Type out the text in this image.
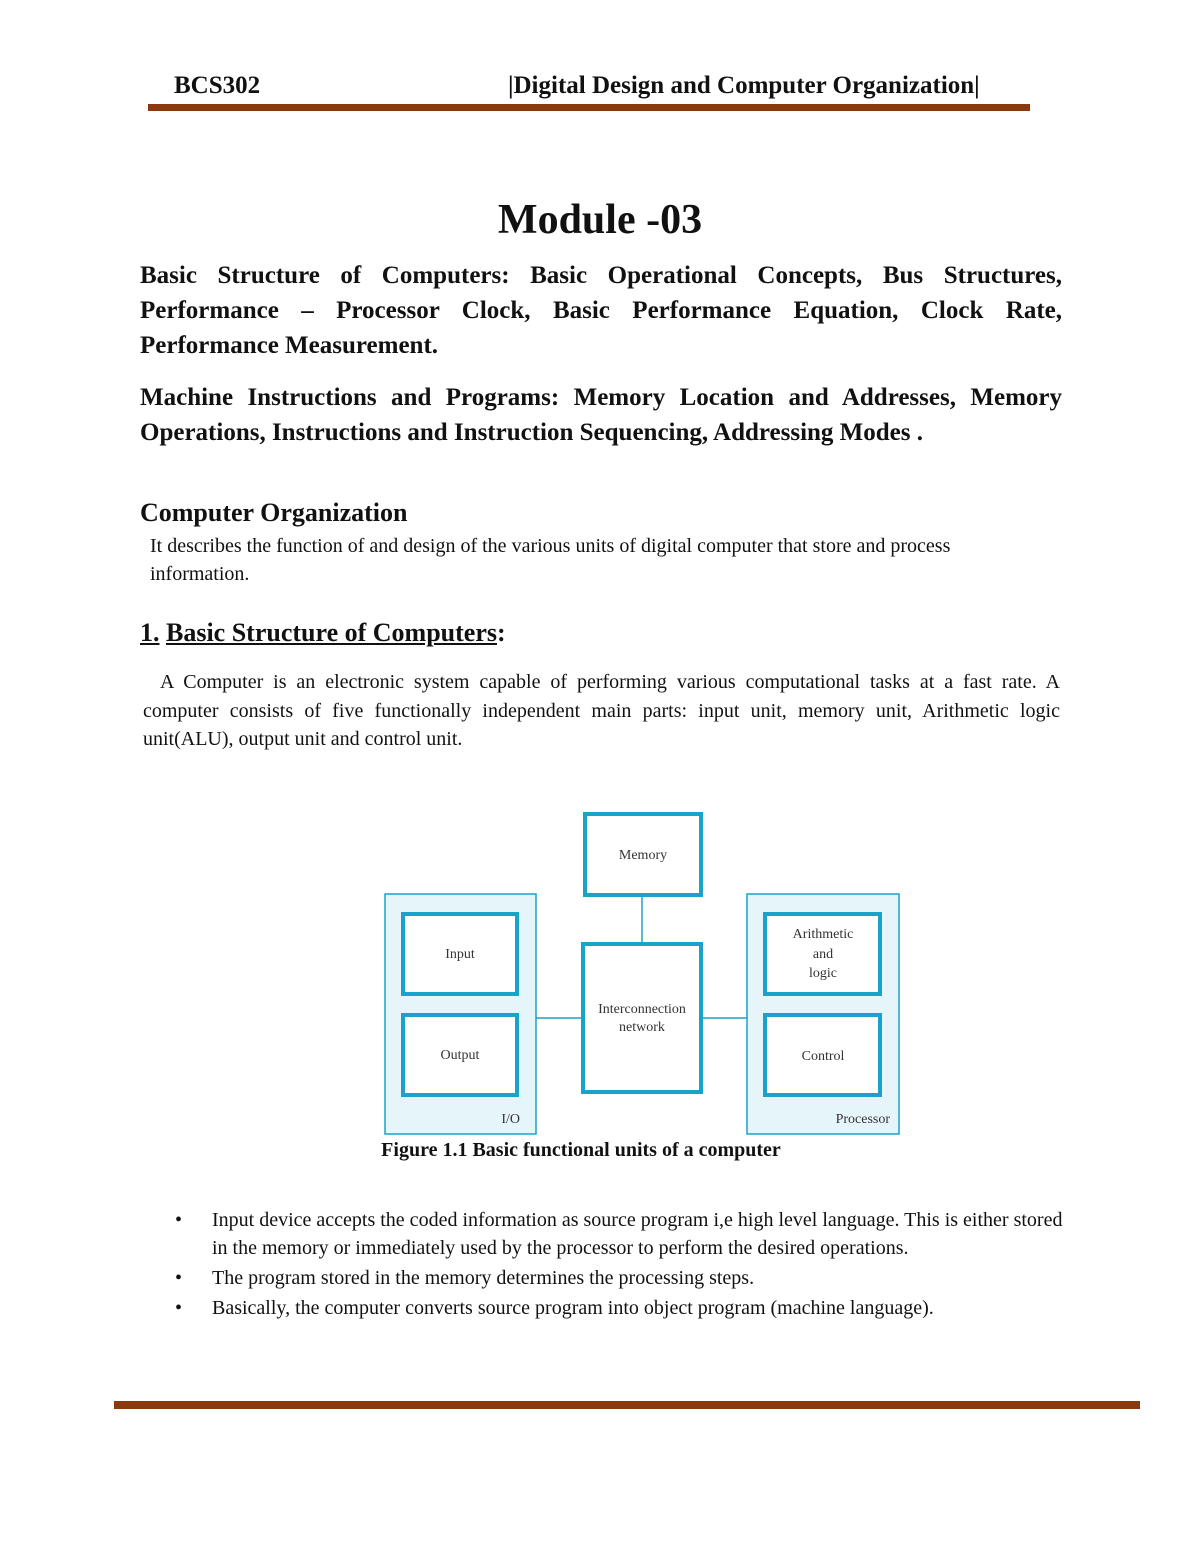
BCS302	|Digital Design and Computer Organization|
Module -03
Basic Structure of Computers: Basic Operational Concepts, Bus Structures, Performance – Processor Clock, Basic Performance Equation, Clock Rate, Performance Measurement.
Machine Instructions and Programs: Memory Location and Addresses, Memory Operations, Instructions and Instruction Sequencing, Addressing Modes .
Computer Organization
It describes the function of and design of the various units of digital computer that store and process information.
1. Basic Structure of Computers:
A Computer is an electronic system capable of performing various computational tasks at a fast rate. A computer consists of five functionally independent main parts: input unit, memory unit, Arithmetic logic unit(ALU), output unit and control unit.
Input
Output
I/O
Memory
Interconnection
network
Arithmetic
and
logic
Control
Processor
Figure 1.1 Basic functional units of a computer
• Input device accepts the coded information as source program i,e high level language. This is either stored in the memory or immediately used by the processor to perform the desired operations.
• The program stored in the memory determines the processing steps.
• Basically, the computer converts source program into object program (machine language).
